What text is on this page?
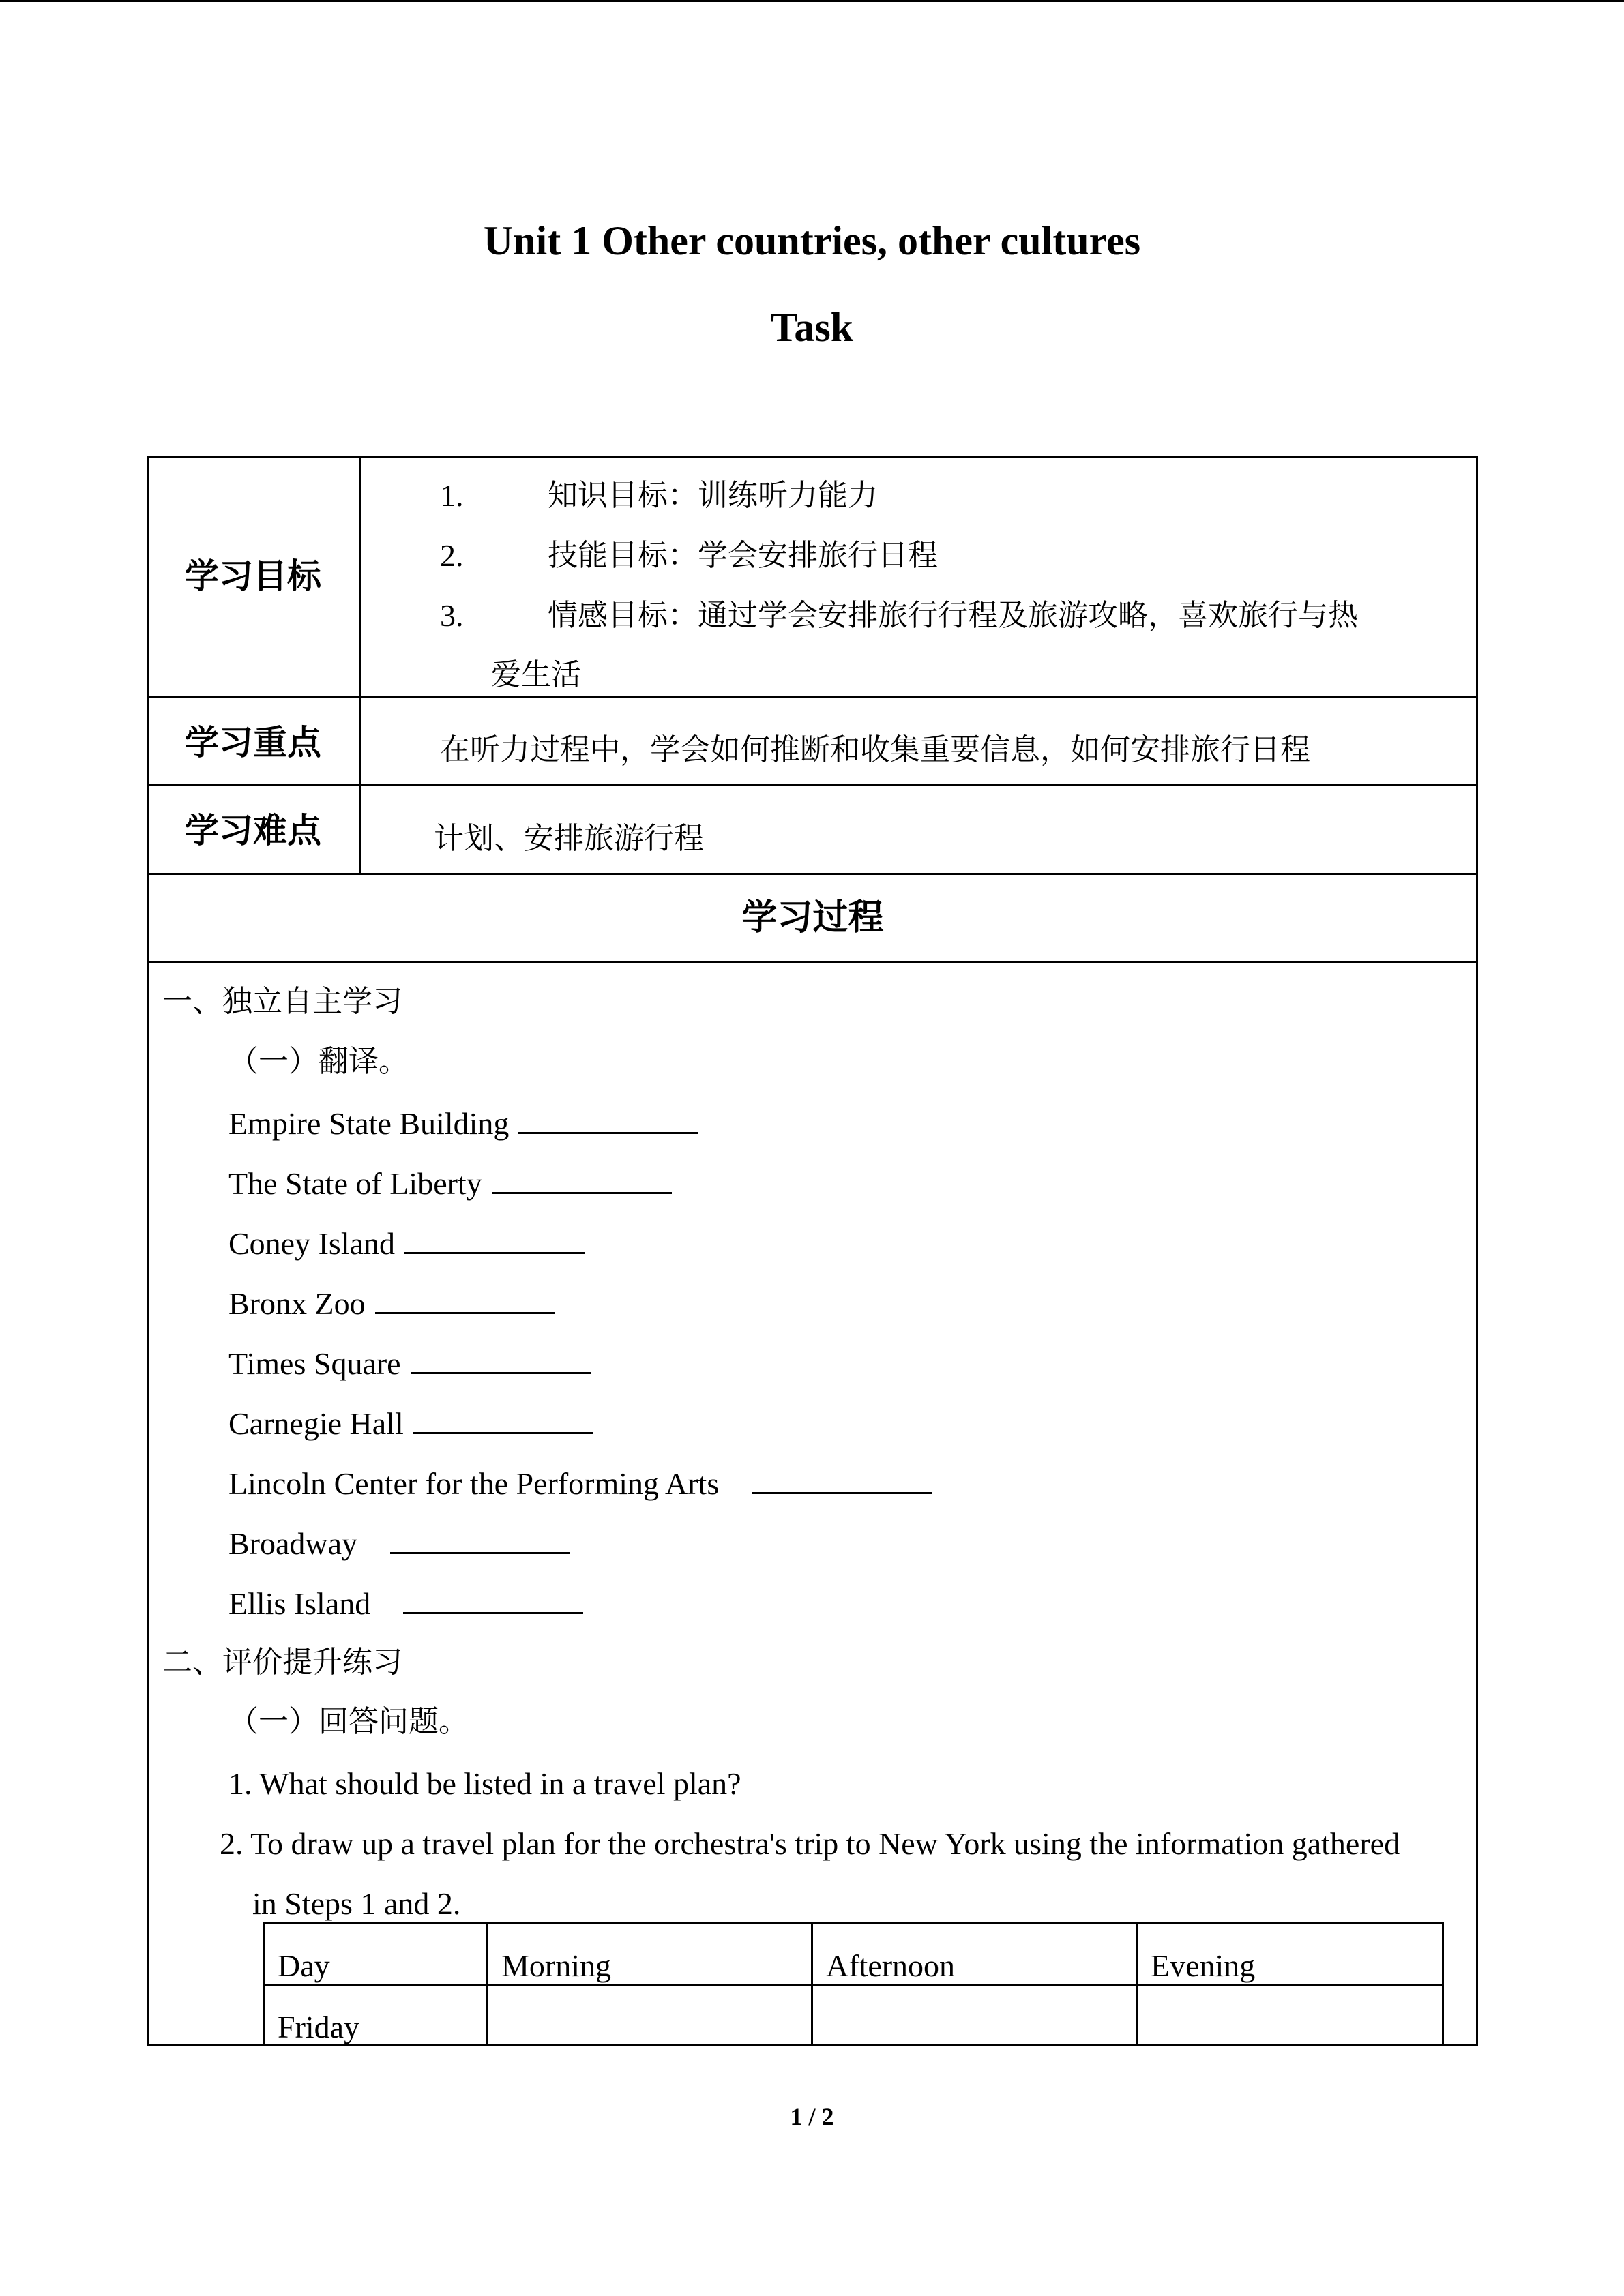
Unit 1 Other countries, other cultures
Task
学习目标
1.	知识目标：训练听力能力
2.	技能目标：学会安排旅行日程
3.	情感目标：通过学会安排旅行行程及旅游攻略，喜欢旅行与热
爱生活
学习重点	在听力过程中，学会如何推断和收集重要信息，如何安排旅行日程
学习难点	计划、安排旅游行程
学习过程
一、独立自主学习
（一）翻译。
Empire State Building
The State of Liberty
Coney Island
Bronx Zoo
Times Square
Carnegie Hall
Lincoln Center for the Performing Arts
Broadway
Ellis Island
二、评价提升练习
（一）回答问题。
1. What should be listed in a travel plan?
2. To draw up a travel plan for the orchestra's trip to New York using the information gathered
in Steps 1 and 2.
Day	Morning	Afternoon	Evening
Friday
1 / 2
